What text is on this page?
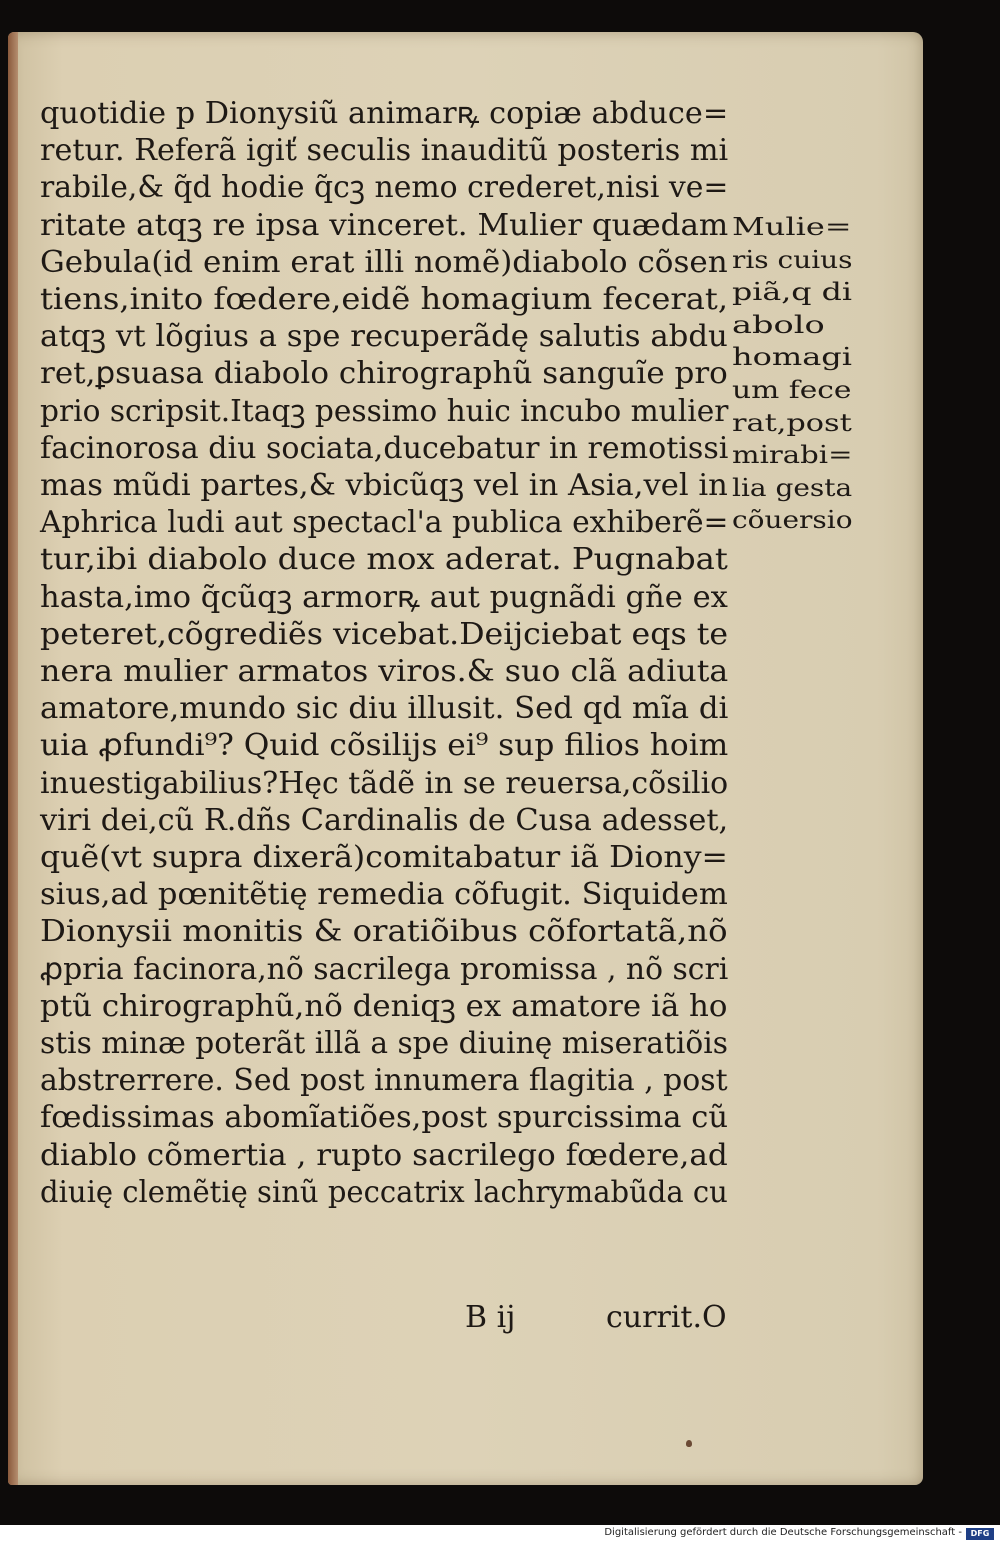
quotidie p Dionysiũ animarꝶ copiæ abduce=
retur. Referã igiť seculis inauditũ posteris mi
rabile,& q̃d hodie q̃cꝫ nemo crederet,nisi ve=
ritate atqꝫ re ipsa vinceret. Mulier quædam
Gebula(id enim erat illi nomẽ)diabolo cõsen
tiens,inito fœdere,eidẽ homagium fecerat,
atqꝫ vt lõgius a spe recuperãdę salutis abdu
ret,ꝑsuasa diabolo chirographũ sanguĩe pro
prio scripsit.Itaqꝫ pessimo huic incubo mulier
facinorosa diu sociata,ducebatur in remotissi
mas mũdi partes,& vbicũqꝫ vel in Asia,vel in
Aphrica ludi aut spectacl'a publica exhiberẽ=
tur,ibi diabolo duce mox aderat. Pugnabat
hasta,imo q̃cũqꝫ armorꝶ aut pugnãdi gñe ex
peteret,cõgrediẽs vicebat.Deijciebat eqs te
nera mulier armatos viros.& suo clã adiuta
amatore,mundo sic diu illusit. Sed qd mĩa di
uia ꝓfundi⁹? Quid cõsilijs ei⁹ sup filios hoim
inuestigabilius?Hęc tãdẽ in se reuersa,cõsilio
viri dei,cũ R.dñs Cardinalis de Cusa adesset,
quẽ(vt supra dixerã)comitabatur iã Diony=
sius,ad pœnitẽtię remedia cõfugit. Siquidem
Dionysii monitis & oratiõibus cõfortatã,nõ
ꝓpria facinora,nõ sacrilega promissa , nõ scri
ptũ chirographũ,nõ deniqꝫ ex amatore iã ho
stis minæ poterãt illã a spe diuinę miseratiõis
abstrerrere. Sed post innumera flagitia , post
fœdissimas abomĩatiões,post spurcissima cũ
diablo cõmertia , rupto sacrilego fœdere,ad
diuię clemẽtię sinũ peccatrix lachrymabũda cu
Mulie=
ris cuius
piã,q di
abolo
homagi
um fece
rat,post
mirabi=
lia gesta
cõuersio
B ij	currit.O
Digitalisierung gefördert durch die Deutsche Forschungsgemeinschaft -	DFG
